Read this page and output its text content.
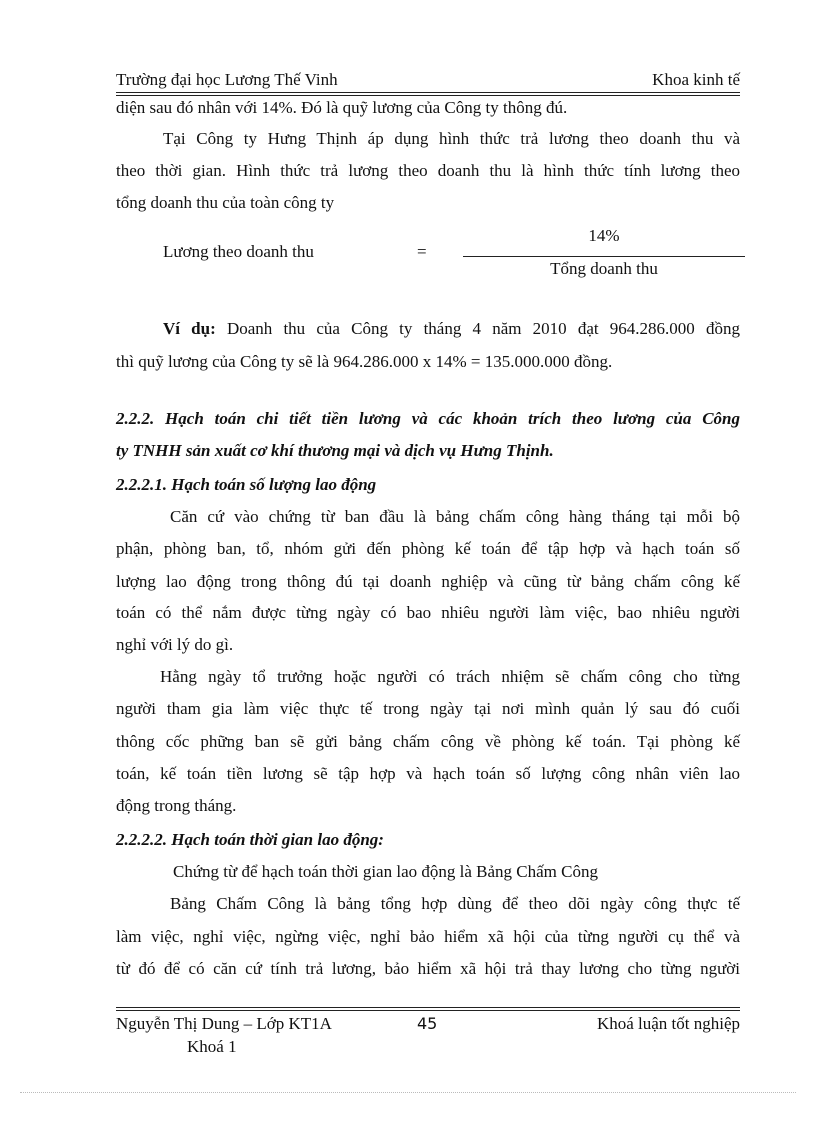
Trường đại học Lương Thế Vinh	Khoa kinh tế
diện sau đó nhân với 14%. Đó là quỹ lương của Công ty thông đú.
Tại Công ty Hưng Thịnh áp dụng hình thức trả lương theo doanh thu và
theo thời gian. Hình thức trả lương theo doanh thu là hình thức tính lương theo
tổng doanh thu của toàn công ty
Lương theo doanh thu	=
14%
Tổng doanh thu
Ví dụ: Doanh thu của Công ty tháng 4 năm 2010 đạt 964.286.000 đồng
thì quỹ lương của Công ty sẽ là 964.286.000 x 14% = 135.000.000 đồng.
2.2.2. Hạch toán chi tiết tiền lương và các khoản trích theo lương của Công
ty TNHH sản xuất cơ khí thương mại và dịch vụ Hưng Thịnh.
2.2.2.1. Hạch toán số lượng lao động
Căn cứ vào chứng từ ban đầu là bảng chấm công hàng tháng tại mỗi bộ
phận, phòng ban, tổ, nhóm gửi đến phòng kế toán để tập hợp và hạch toán số
lượng lao động trong thông đú tại doanh nghiệp và cũng từ bảng chấm công kế
toán có thể nắm được từng ngày có bao nhiêu người làm việc, bao nhiêu người
nghỉ với lý do gì.
Hằng ngày tổ trưởng hoặc người có trách nhiệm sẽ chấm công cho từng
người tham gia làm việc thực tế trong ngày tại nơi mình quản lý sau đó cuối
thông cốc phững ban sẽ gửi bảng chấm công về phòng kế toán. Tại phòng kế
toán, kế toán tiền lương sẽ tập hợp và hạch toán số lượng công nhân viên lao
động trong tháng.
2.2.2.2. Hạch toán thời gian lao động:
Chứng từ để hạch toán thời gian lao động là Bảng Chấm Công
Bảng Chấm Công là bảng tổng hợp dùng để theo dõi ngày công thực tế
làm việc, nghỉ việc, ngừng việc, nghỉ bảo hiểm xã hội của từng người cụ thể và
từ đó để có căn cứ tính trả lương, bảo hiểm xã hội trả thay lương cho từng người
Nguyễn Thị Dung – Lớp KT1A	45	Khoá luận tốt nghiệp
Khoá 1
